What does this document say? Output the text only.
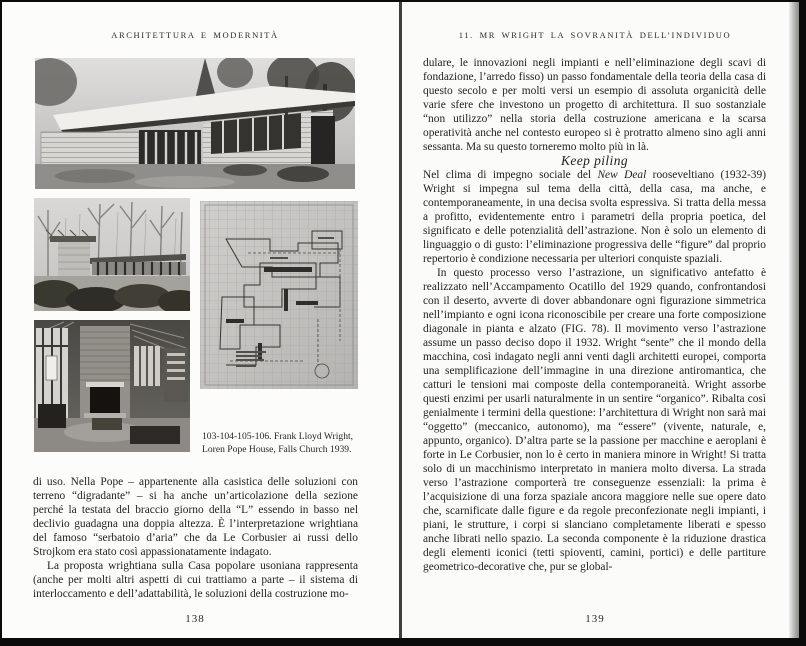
ARCHITETTURA E MODERNITÀ
103-104-105-106. Frank Lloyd Wright, Loren Pope House, Falls Church 1939.

di uso. Nella Pope – appartenente alla casistica delle soluzioni con terreno “digradante” – si ha anche un’articolazione della sezione perché la testata del braccio giorno della “L” essendo in basso nel declivio guadagna una doppia altezza. È l’interpretazione wrightiana del famoso “serbatoio d’aria” che da Le Corbusier ai russi dello Strojkom era stato così appassionatamente indagato.

La proposta wrightiana sulla Casa popolare usoniana rappresenta (anche per molti altri aspetti di cui trattiamo a parte – il sistema di interloccamento e dell’adattabilità, le soluzioni della costruzione mo-

138
11. MR WRIGHT LA SOVRANITÀ DELL’INDIVIDUO

dulare, le innovazioni negli impianti e nell’eliminazione degli scavi di fondazione, l’arredo fisso) un passo fondamentale della teoria della casa di questo secolo e per molti versi un esempio di assoluta organicità delle varie sfere che investono un progetto di architettura. Il suo sostanziale “non utilizzo” nella storia della costruzione americana e la scarsa operatività anche nel contesto europeo si è protratto almeno sino agli anni sessanta. Ma su questo torneremo molto più in là.

Keep piling

Nel clima di impegno sociale del New Deal rooseveltiano (1932-39) Wright si impegna sul tema della città, della casa, ma anche, e contemporaneamente, in una decisa svolta espressiva. Si tratta della messa a profitto, evidentemente entro i parametri della propria poetica, del significato e delle potenzialità dell’astrazione. Non è solo un elemento di linguaggio o di gusto: l’eliminazione progressiva delle “figure” dal proprio repertorio è condizione necessaria per ulteriori conquiste spaziali.

In questo processo verso l’astrazione, un significativo antefatto è realizzato nell’Accampamento Ocatillo del 1929 quando, confrontandosi con il deserto, avverte di dover abbandonare ogni figurazione simmetrica nell’impianto e ogni icona riconoscibile per creare una forte composizione diagonale in pianta e alzato (FIG. 78). Il movimento verso l’astrazione assume un passo deciso dopo il 1932. Wright “sente” che il mondo della macchina, così indagato negli anni venti dagli architetti europei, comporta una semplificazione dell’immagine in una direzione antiromantica, che catturi le tensioni mai composte della contemporaneità. Wright assorbe questi enzimi per usarli naturalmente in un sentire “organico”. Ribalta così genialmente i termini della questione: l’architettura di Wright non sarà mai “oggetto” (meccanico, autonomo), ma “essere” (vivente, naturale, e, appunto, organico). D’altra parte se la passione per macchine e aeroplani è forte in Le Corbusier, non lo è certo in maniera minore in Wright! Si tratta solo di un macchinismo interpretato in maniera molto diversa. La strada verso l’astrazione comporterà tre conseguenze essenziali: la prima è l’acquisizione di una forza spaziale ancora maggiore nelle sue opere dato che, scarnificate dalle figure e da regole preconfezionate negli impianti, i piani, le strutture, i corpi si slanciano completamente liberati e spesso anche librati nello spazio. La seconda componente è la riduzione drastica degli elementi iconici (tetti spioventi, camini, portici) e delle partiture geometrico-decorative che, pur se global-

139
